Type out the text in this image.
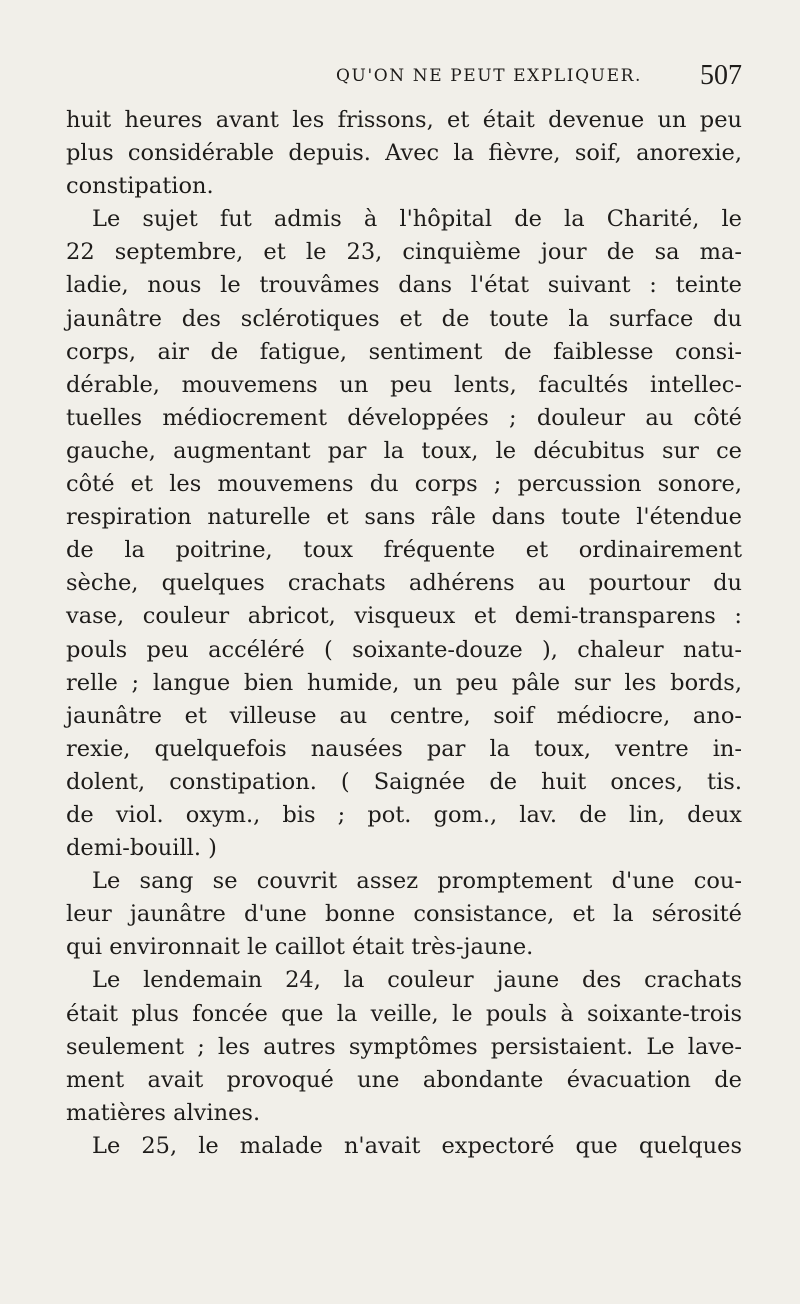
QU'ON NE PEUT EXPLIQUER. 507
huit heures avant les frissons, et était devenue un peu
plus considérable depuis. Avec la fièvre, soif, anorexie,
constipation.
Le sujet fut admis à l'hôpital de la Charité, le
22 septembre, et le 23, cinquième jour de sa ma-
ladie, nous le trouvâmes dans l'état suivant : teinte
jaunâtre des sclérotiques et de toute la surface du
corps, air de fatigue, sentiment de faiblesse consi-
dérable, mouvemens un peu lents, facultés intellec-
tuelles médiocrement développées ; douleur au côté
gauche, augmentant par la toux, le décubitus sur ce
côté et les mouvemens du corps ; percussion sonore,
respiration naturelle et sans râle dans toute l'étendue
de la poitrine, toux fréquente et ordinairement
sèche, quelques crachats adhérens au pourtour du
vase, couleur abricot, visqueux et demi-transparens :
pouls peu accéléré ( soixante-douze ), chaleur natu-
relle ; langue bien humide, un peu pâle sur les bords,
jaunâtre et villeuse au centre, soif médiocre, ano-
rexie, quelquefois nausées par la toux, ventre in-
dolent, constipation. ( Saignée de huit onces, tis.
de viol. oxym., bis ; pot. gom., lav. de lin, deux
demi-bouill. )
Le sang se couvrit assez promptement d'une cou-
leur jaunâtre d'une bonne consistance, et la sérosité
qui environnait le caillot était très-jaune.
Le lendemain 24, la couleur jaune des crachats
était plus foncée que la veille, le pouls à soixante-trois
seulement ; les autres symptômes persistaient. Le lave-
ment avait provoqué une abondante évacuation de
matières alvines.
Le 25, le malade n'avait expectoré que quelques
